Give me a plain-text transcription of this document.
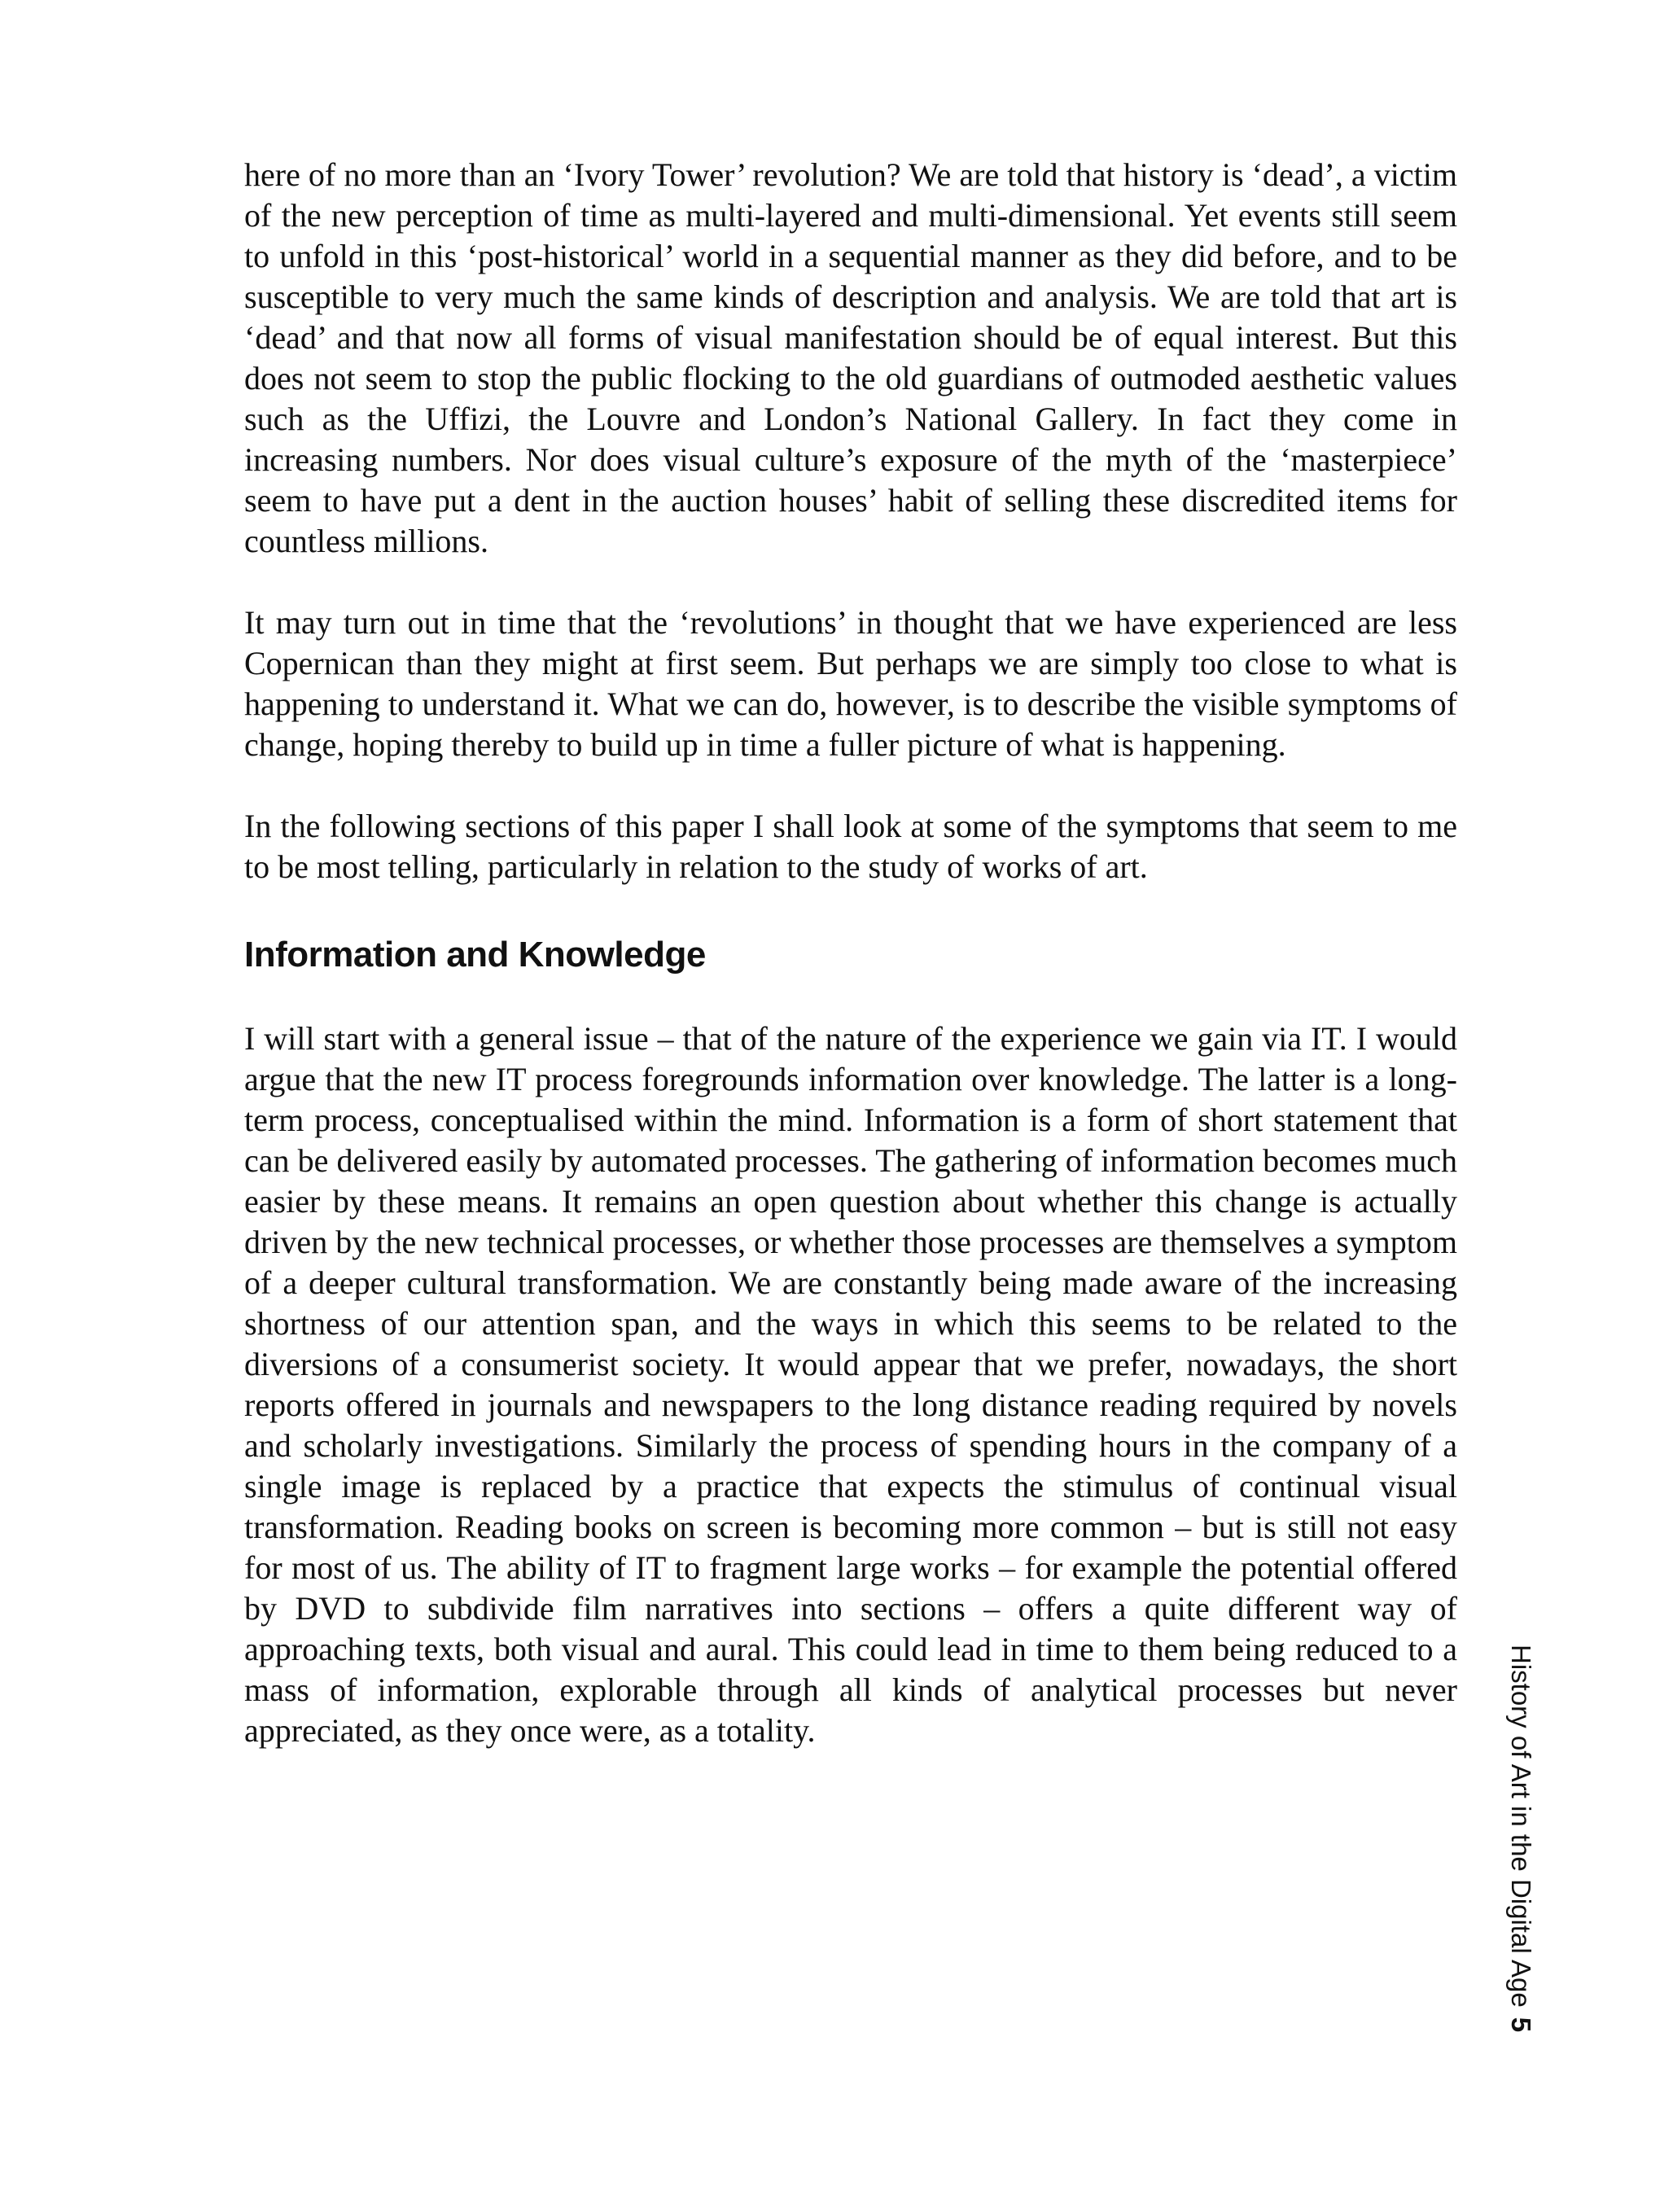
here of no more than an ‘Ivory Tower’ revolution? We are told that history is ‘dead’, a victim of the new perception of time as multi-layered and multi-dimensional. Yet events still seem to unfold in this ‘post-historical’ world in a sequential manner as they did before, and to be susceptible to very much the same kinds of description and analysis. We are told that art is ‘dead’ and that now all forms of visual manifestation should be of equal interest. But this does not seem to stop the public flocking to the old guardians of outmoded aesthetic values such as the Uffizi, the Louvre and London’s National Gallery. In fact they come in increasing numbers. Nor does visual culture’s exposure of the myth of the ‘masterpiece’ seem to have put a dent in the auction houses’ habit of selling these discredited items for countless millions.

It may turn out in time that the ‘revolutions’ in thought that we have experienced are less Copernican than they might at first seem. But perhaps we are simply too close to what is happening to understand it. What we can do, however, is to describe the visible symptoms of change, hoping thereby to build up in time a fuller picture of what is happening.

In the following sections of this paper I shall look at some of the symptoms that seem to me to be most telling, particularly in relation to the study of works of art.

Information and Knowledge

I will start with a general issue – that of the nature of the experience we gain via IT. I would argue that the new IT process foregrounds information over knowledge. The latter is a long-term process, conceptualised within the mind. Information is a form of short statement that can be delivered easily by automated processes. The gathering of information becomes much easier by these means. It remains an open question about whether this change is actually driven by the new technical processes, or whether those processes are themselves a symptom of a deeper cultural transformation. We are constantly being made aware of the increasing shortness of our attention span, and the ways in which this seems to be related to the diversions of a consumerist society. It would appear that we prefer, nowadays, the short reports offered in journals and newspapers to the long distance reading required by novels and scholarly investigations. Similarly the process of spending hours in the company of a single image is replaced by a practice that expects the stimulus of continual visual transformation. Reading books on screen is becoming more common – but is still not easy for most of us. The ability of IT to fragment large works – for example the potential offered by DVD to subdivide film narratives into sections – offers a quite different way of approaching texts, both visual and aural. This could lead in time to them being reduced to a mass of information, explorable through all kinds of analytical processes but never appreciated, as they once were, as a totality.	History of Art in the Digital Age5
